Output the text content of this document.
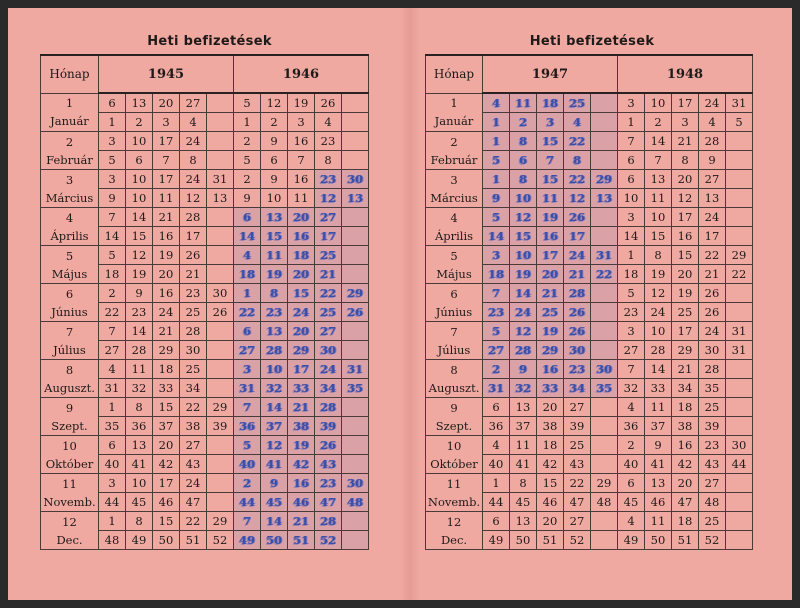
Heti befizetések
Hónap	1945					1946				

1
Január	6	13	20	27		5	12	19	26	
	1	2	3	4		1	2	3	4	

2
Február	3	10	17	24		2	9	16	23	
	5	6	7	8		5	6	7	8	

3
Március	3	10	17	24	31	2	9	16	23	30
	9	10	11	12	13	9	10	11	12	13

4
Április	7	14	21	28		6	13	20	27	
	14	15	16	17		14	15	16	17	

5
Május	5	12	19	26		4	11	18	25	
	18	19	20	21		18	19	20	21	

6
Június	2	9	16	23	30	1	8	15	22	29
	22	23	24	25	26	22	23	24	25	26

7
Július	7	14	21	28		6	13	20	27	
	27	28	29	30		27	28	29	30	

8
Auguszt.	4	11	18	25		3	10	17	24	31
	31	32	33	34		31	32	33	34	35

9
Szept.	1	8	15	22	29	7	14	21	28	
	35	36	37	38	39	36	37	38	39	

10
Október	6	13	20	27		5	12	19	26	
	40	41	42	43		40	41	42	43	

11
Novemb.	3	10	17	24		2	9	16	23	30
	44	45	46	47		44	45	46	47	48

12
Dec.	1	8	15	22	29	7	14	21	28	
	48	49	50	51	52	49	50	51	52	
Heti befizetések
Hónap	1947					1948				

1
Január	4	11	18	25		3	10	17	24	31
	1	2	3	4		1	2	3	4	5

2
Február	1	8	15	22		7	14	21	28	
	5	6	7	8		6	7	8	9	

3
Március	1	8	15	22	29	6	13	20	27	
	9	10	11	12	13	10	11	12	13	

4
Április	5	12	19	26		3	10	17	24	
	14	15	16	17		14	15	16	17	

5
Május	3	10	17	24	31	1	8	15	22	29
	18	19	20	21	22	18	19	20	21	22

6
Június	7	14	21	28		5	12	19	26	
	23	24	25	26		23	24	25	26	

7
Július	5	12	19	26		3	10	17	24	31
	27	28	29	30		27	28	29	30	31

8
Auguszt.	2	9	16	23	30	7	14	21	28	
	31	32	33	34	35	32	33	34	35	

9
Szept.	6	13	20	27		4	11	18	25	
	36	37	38	39		36	37	38	39	

10
Október	4	11	18	25		2	9	16	23	30
	40	41	42	43		40	41	42	43	44

11
Novemb.	1	8	15	22	29	6	13	20	27	
	44	45	46	47	48	45	46	47	48	

12
Dec.	6	13	20	27		4	11	18	25	
	49	50	51	52		49	50	51	52	
